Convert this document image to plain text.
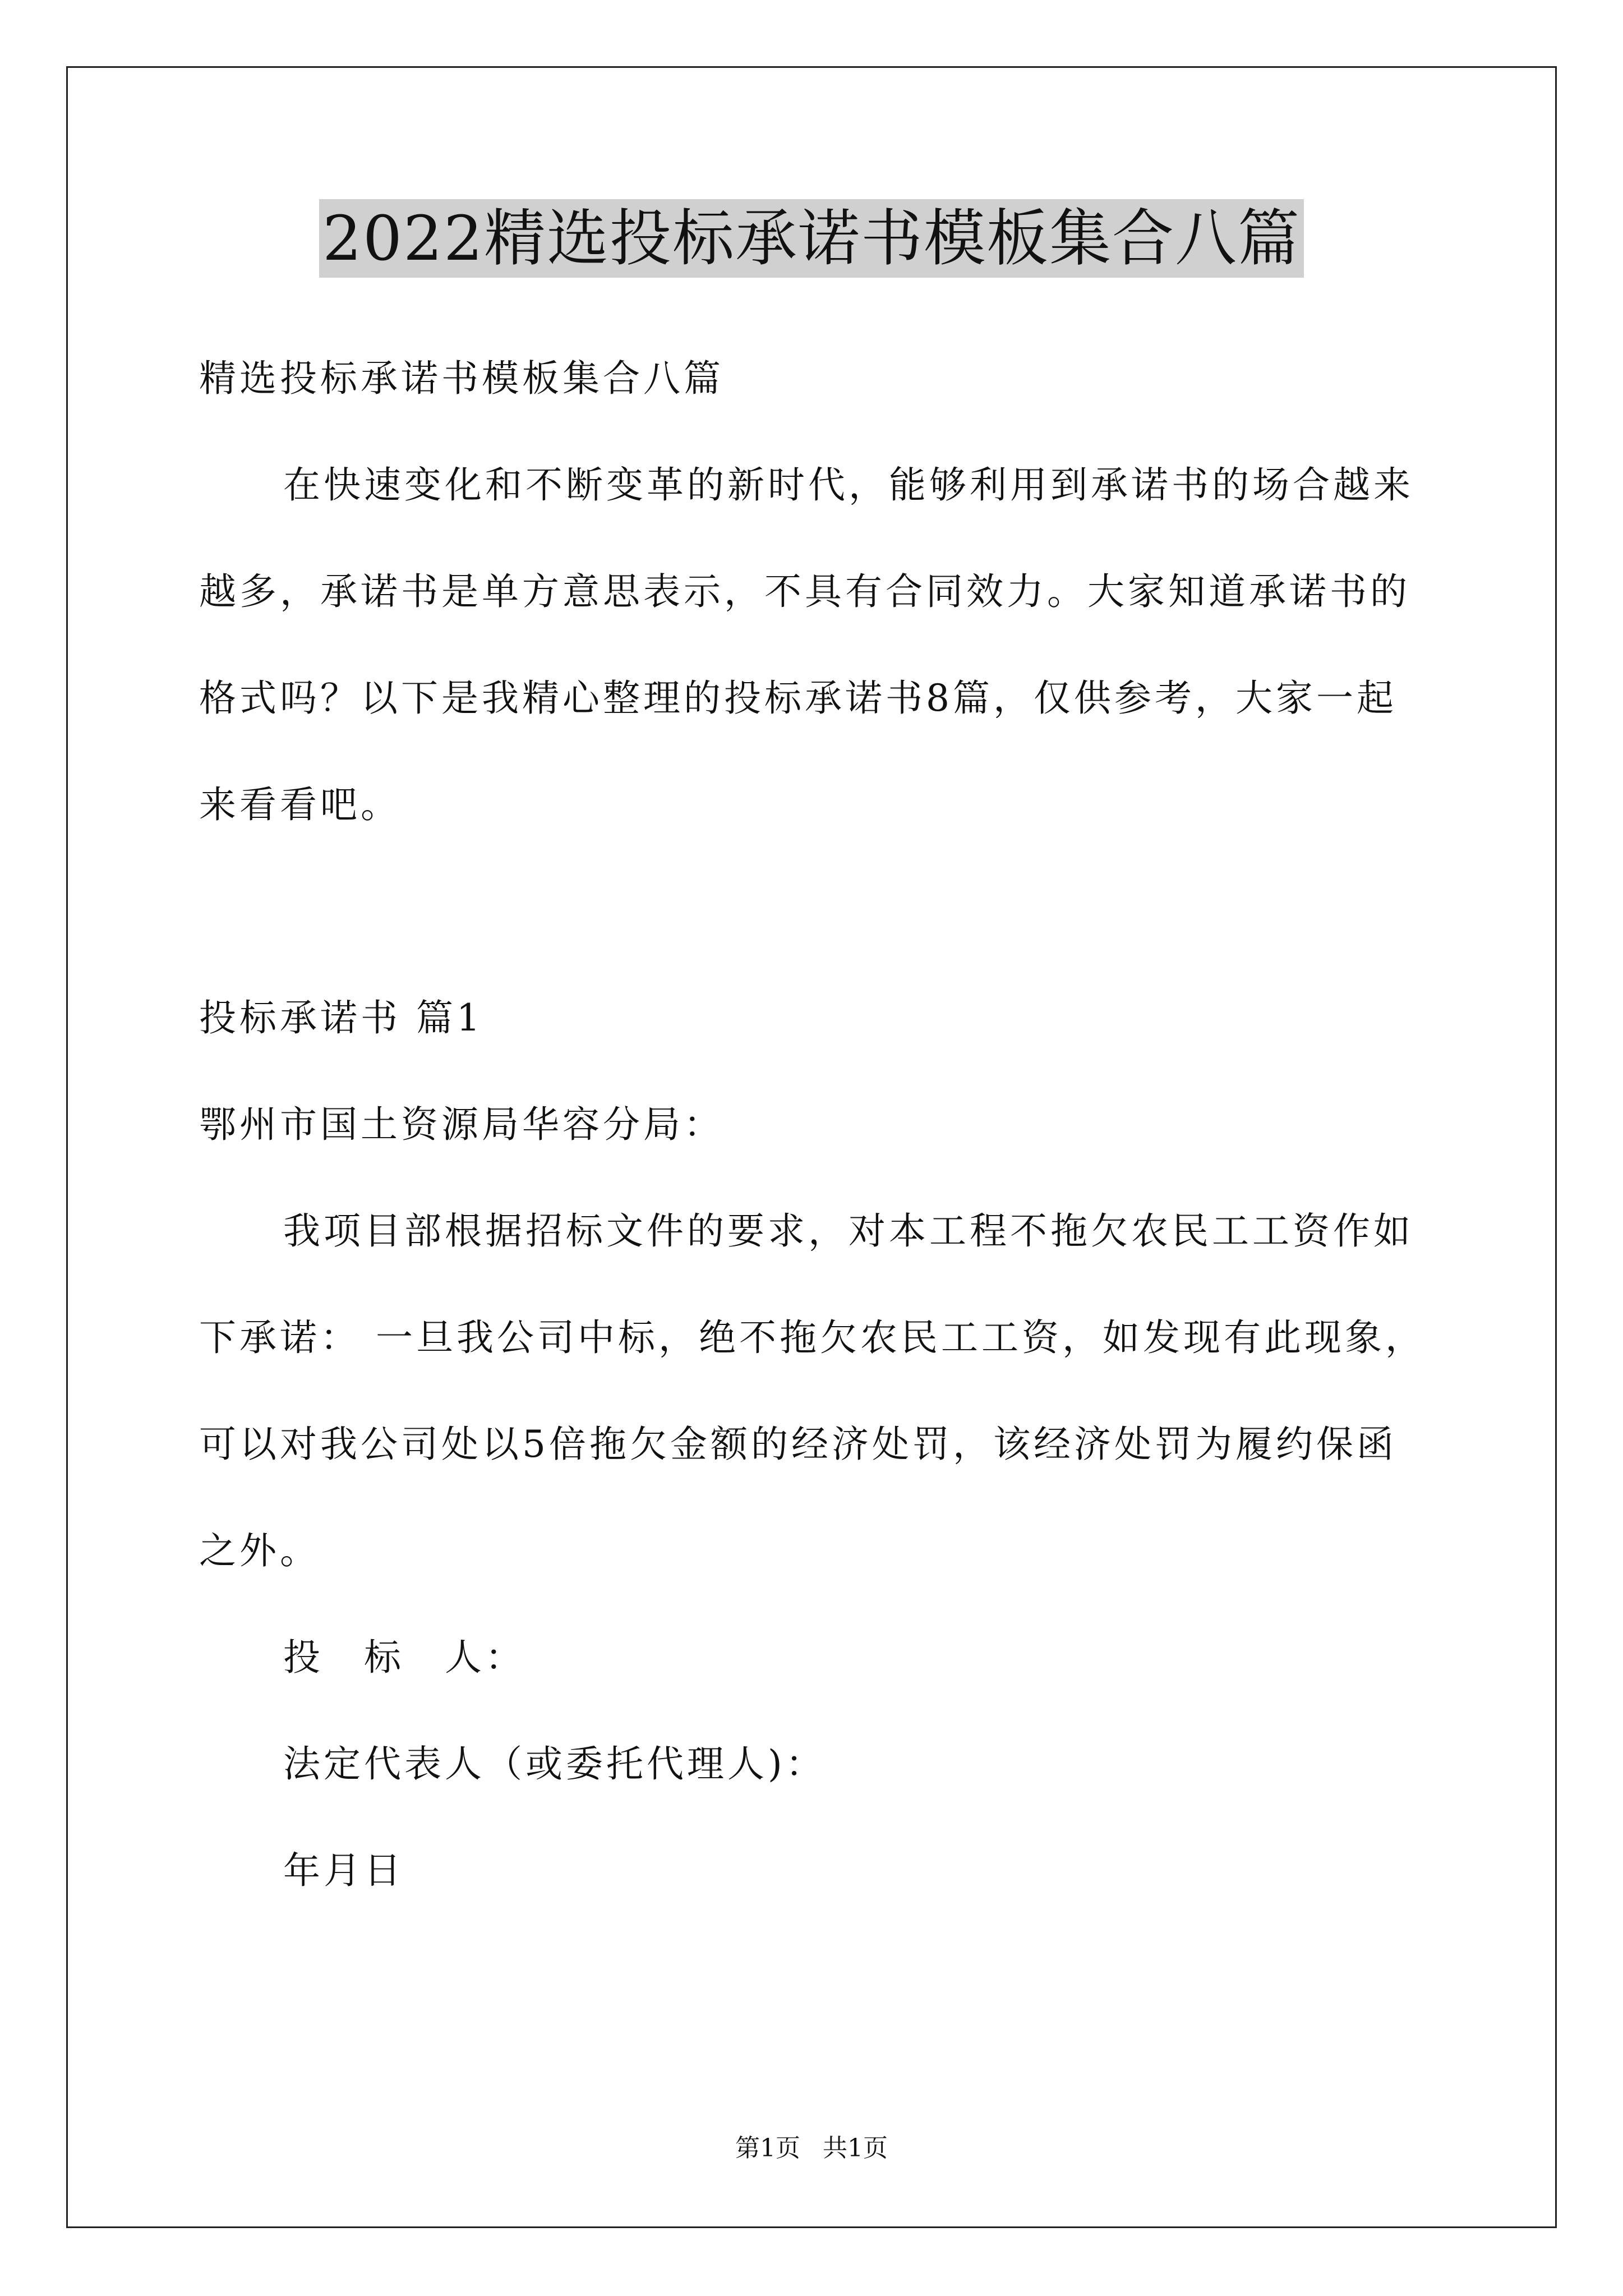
2022精选投标承诺书模板集合八篇
精选投标承诺书模板集合八篇
在快速变化和不断变革的新时代，能够利用到承诺书的场合越来
越多，承诺书是单方意思表示，不具有合同效力。大家知道承诺书的
格式吗？以下是我精心整理的投标承诺书8篇，仅供参考，大家一起
来看看吧。
投标承诺书 篇1
鄂州市国土资源局华容分局：
我项目部根据招标文件的要求，对本工程不拖欠农民工工资作如
下承诺： 一旦我公司中标，绝不拖欠农民工工资，如发现有此现象，
可以对我公司处以5倍拖欠金额的经济处罚，该经济处罚为履约保函
之外。
投　标　人：
法定代表人（或委托代理人)：
年月日
第1页 共1页
